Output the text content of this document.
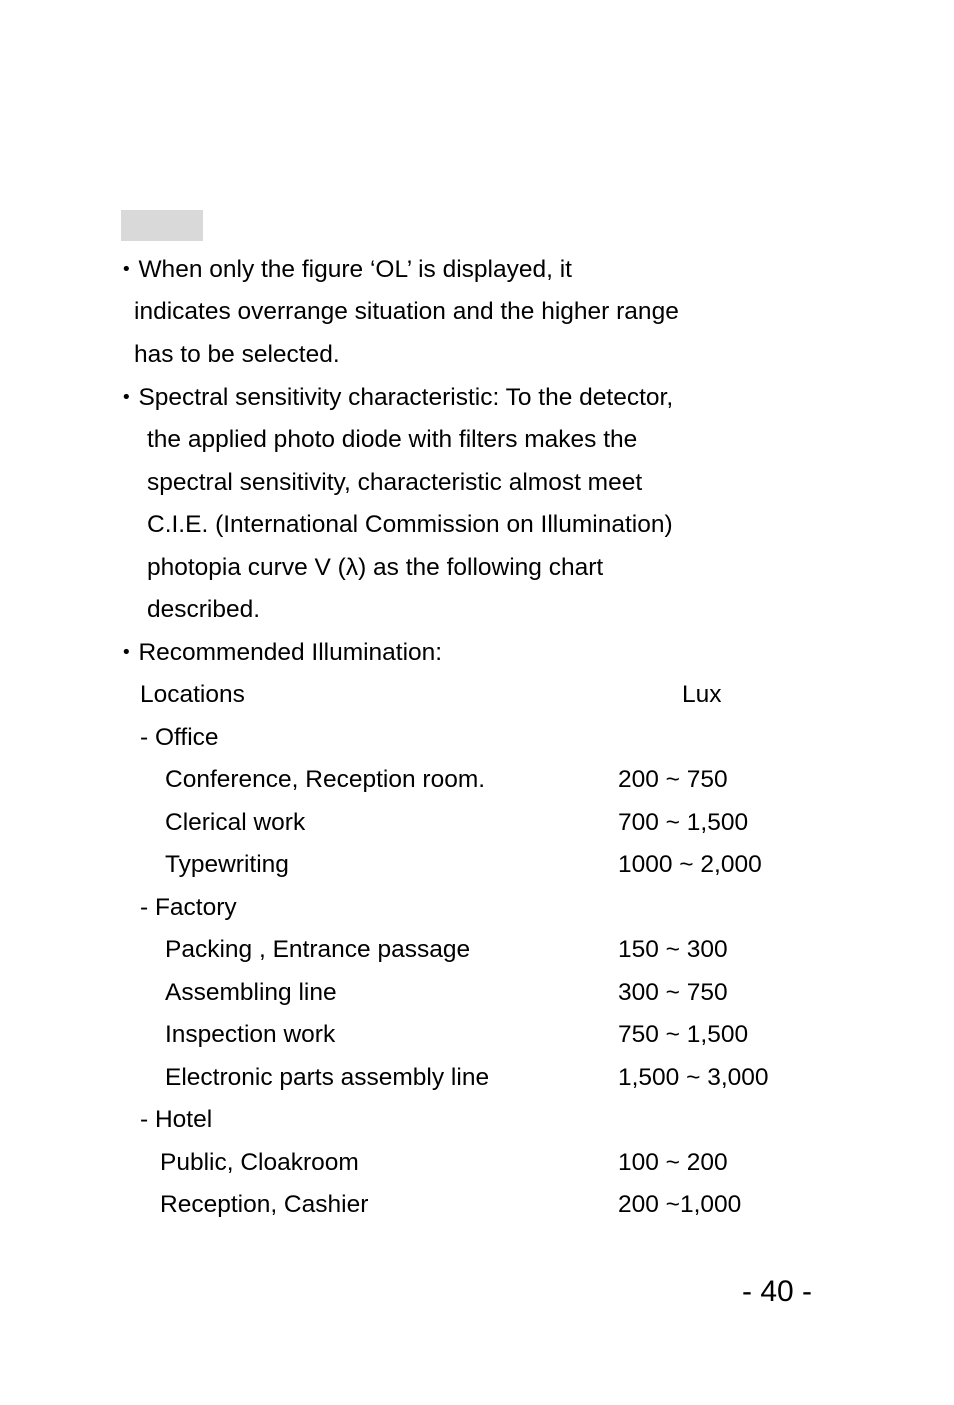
• When only the figure ‘OL’ is displayed, it
indicates overrange situation and the higher range
has to be selected.
• Spectral sensitivity characteristic: To the detector,
the applied photo diode with filters makes the
spectral sensitivity, characteristic almost meet
C.I.E. (International Commission on Illumination)
photopia curve V (λ) as the following chart
described.
• Recommended Illumination:
Locations	Lux
- Office
Conference, Reception room.	200 ~ 750
Clerical work	700 ~ 1,500
Typewriting	1000 ~ 2,000
- Factory
Packing , Entrance passage	150 ~ 300
Assembling line	300 ~ 750
Inspection work	750 ~ 1,500
Electronic parts assembly line	1,500 ~ 3,000
- Hotel
Public, Cloakroom	100 ~ 200
Reception, Cashier	200 ~1,000
- 40 -
